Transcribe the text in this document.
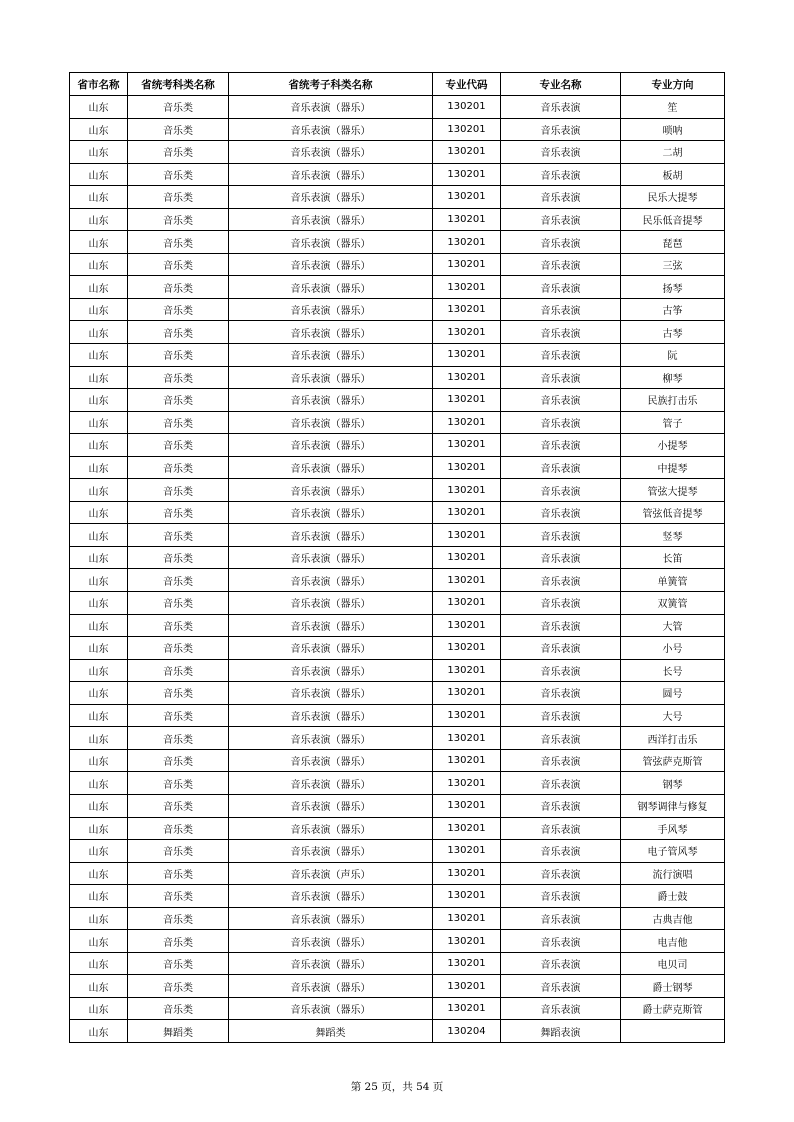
省市名称	省统考科类名称	省统考子科类名称	专业代码	专业名称	专业方向
山东	音乐类	音乐表演（器乐）	130201	音乐表演	笙
山东	音乐类	音乐表演（器乐）	130201	音乐表演	唢呐
山东	音乐类	音乐表演（器乐）	130201	音乐表演	二胡
山东	音乐类	音乐表演（器乐）	130201	音乐表演	板胡
山东	音乐类	音乐表演（器乐）	130201	音乐表演	民乐大提琴
山东	音乐类	音乐表演（器乐）	130201	音乐表演	民乐低音提琴
山东	音乐类	音乐表演（器乐）	130201	音乐表演	琵琶
山东	音乐类	音乐表演（器乐）	130201	音乐表演	三弦
山东	音乐类	音乐表演（器乐）	130201	音乐表演	扬琴
山东	音乐类	音乐表演（器乐）	130201	音乐表演	古筝
山东	音乐类	音乐表演（器乐）	130201	音乐表演	古琴
山东	音乐类	音乐表演（器乐）	130201	音乐表演	阮
山东	音乐类	音乐表演（器乐）	130201	音乐表演	柳琴
山东	音乐类	音乐表演（器乐）	130201	音乐表演	民族打击乐
山东	音乐类	音乐表演（器乐）	130201	音乐表演	管子
山东	音乐类	音乐表演（器乐）	130201	音乐表演	小提琴
山东	音乐类	音乐表演（器乐）	130201	音乐表演	中提琴
山东	音乐类	音乐表演（器乐）	130201	音乐表演	管弦大提琴
山东	音乐类	音乐表演（器乐）	130201	音乐表演	管弦低音提琴
山东	音乐类	音乐表演（器乐）	130201	音乐表演	竖琴
山东	音乐类	音乐表演（器乐）	130201	音乐表演	长笛
山东	音乐类	音乐表演（器乐）	130201	音乐表演	单簧管
山东	音乐类	音乐表演（器乐）	130201	音乐表演	双簧管
山东	音乐类	音乐表演（器乐）	130201	音乐表演	大管
山东	音乐类	音乐表演（器乐）	130201	音乐表演	小号
山东	音乐类	音乐表演（器乐）	130201	音乐表演	长号
山东	音乐类	音乐表演（器乐）	130201	音乐表演	圆号
山东	音乐类	音乐表演（器乐）	130201	音乐表演	大号
山东	音乐类	音乐表演（器乐）	130201	音乐表演	西洋打击乐
山东	音乐类	音乐表演（器乐）	130201	音乐表演	管弦萨克斯管
山东	音乐类	音乐表演（器乐）	130201	音乐表演	钢琴
山东	音乐类	音乐表演（器乐）	130201	音乐表演	钢琴调律与修复
山东	音乐类	音乐表演（器乐）	130201	音乐表演	手风琴
山东	音乐类	音乐表演（器乐）	130201	音乐表演	电子管风琴
山东	音乐类	音乐表演（声乐）	130201	音乐表演	流行演唱
山东	音乐类	音乐表演（器乐）	130201	音乐表演	爵士鼓
山东	音乐类	音乐表演（器乐）	130201	音乐表演	古典吉他
山东	音乐类	音乐表演（器乐）	130201	音乐表演	电吉他
山东	音乐类	音乐表演（器乐）	130201	音乐表演	电贝司
山东	音乐类	音乐表演（器乐）	130201	音乐表演	爵士钢琴
山东	音乐类	音乐表演（器乐）	130201	音乐表演	爵士萨克斯管
山东	舞蹈类	舞蹈类	130204	舞蹈表演	
第 25 页，共 54 页
